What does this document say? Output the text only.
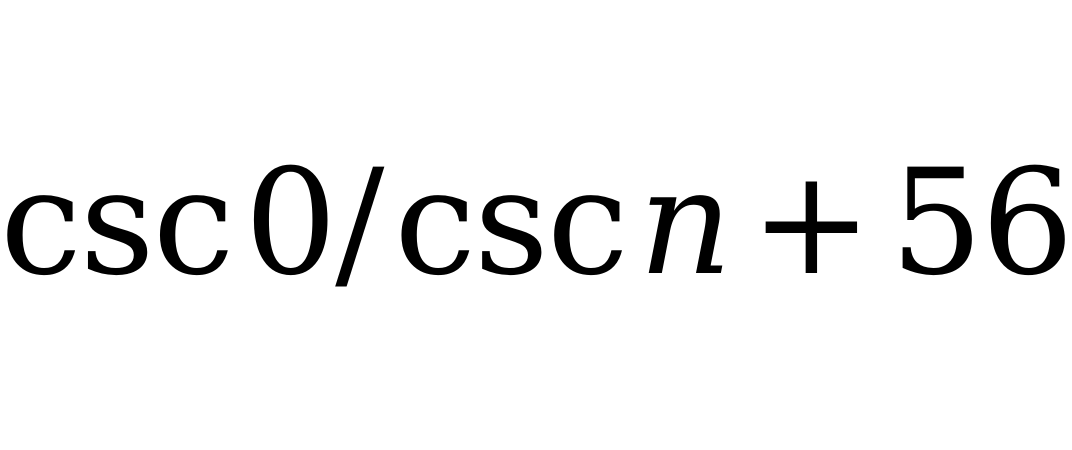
csc 0 / csc n + 56
